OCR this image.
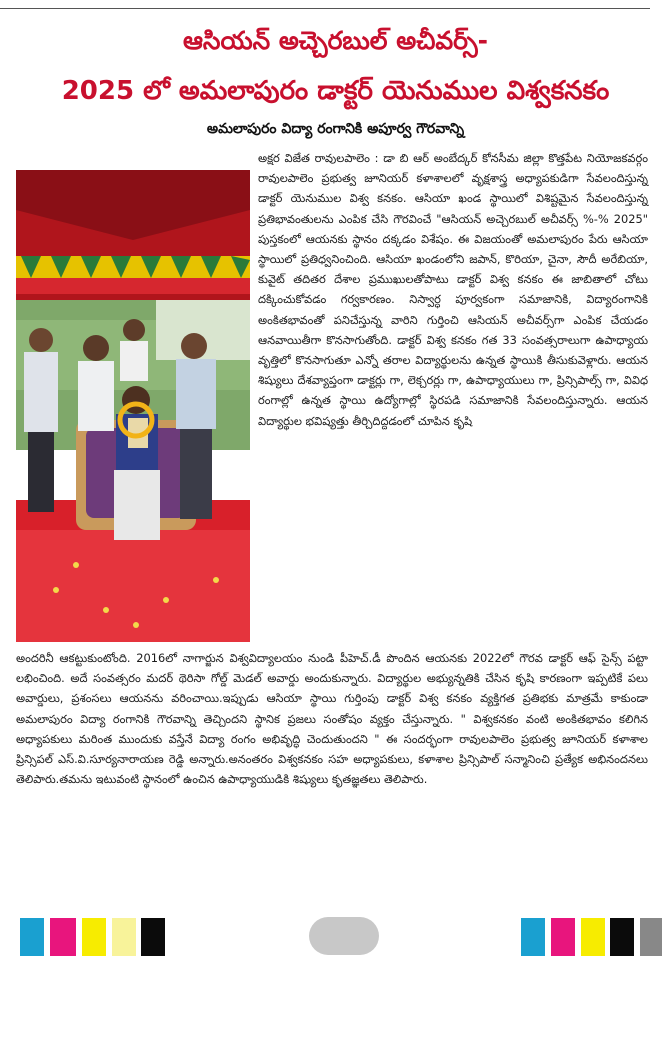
ఆసియన్ అచ్చెరబుల్ అచీవర్స్-
2025 లో అమలాపురం డాక్టర్ యెనుముల విశ్వకనకం
అమలాపురం విద్యా రంగానికి అపూర్వ గౌరవాన్ని
అక్షర విజేత రావులపాలెం : డా బి ఆర్ అంబేద్కర్ కోనసీమ జిల్లా కొత్తపేట నియోజకవర్గం రావులపాలెం ప్రభుత్వ జూనియర్ కళాశాలలో వృక్షశాస్త్ర అధ్యాపకుడిగా సేవలందిస్తున్న డాక్టర్ యెనుముల విశ్వ కనకం. ఆసియా ఖండ స్థాయిలో విశిష్టమైన సేవలందిస్తున్న ప్రతిభావంతులను ఎంపిక చేసి గౌరవించే "ఆసియన్ అచ్చెరబుల్ అచీవర్స్ %-% 2025" పుస్తకంలో ఆయనకు స్థానం దక్కడం విశేషం. ఈ విజయంతో అమలాపురం పేరు ఆసియా స్థాయిలో ప్రతిధ్వనించింది. ఆసియా ఖండంలోని జపాన్, కొరియా, చైనా, సౌదీ అరేబియా, కువైట్ తదితర దేశాల ప్రముఖులతోపాటు డాక్టర్ విశ్వ కనకం ఈ జాబితాలో చోటు దక్కించుకోవడం గర్వకారణం. నిస్వార్ధ పూర్వకంగా సమాజానికి, విద్యారంగానికి అంకితభావంతో పనిచేస్తున్న వారిని గుర్తించి ఆసియన్ అచీవర్స్‌గా ఎంపిక చేయడం ఆనవాయితీగా కొనసాగుతోంది. డాక్టర్ విశ్వ కనకం గత 33 సంవత్సరాలుగా ఉపాధ్యాయ వృత్తిలో కొనసాగుతూ ఎన్నో తరాల విద్యార్థులను ఉన్నత స్థాయికి తీసుకువెళ్లారు. ఆయన శిష్యులు దేశవ్యాప్తంగా డాక్టర్లు గా, లెక్చరర్లు గా, ఉపాధ్యాయులు గా, ప్రిన్సిపాల్స్ గా, వివిధ రంగాల్లో ఉన్నత స్థాయి ఉద్యోగాల్లో స్థిరపడి సమాజానికి సేవలందిస్తున్నారు. ఆయన విద్యార్థుల భవిష్యత్తు తీర్చిదిద్దడంలో చూపిన కృషి
అందరినీ ఆకట్టుకుంటోంది. 2016లో నాగార్జున విశ్వవిద్యాలయం నుండి పీహెచ్.డీ పొందిన ఆయనకు 2022లో గౌరవ డాక్టర్ ఆఫ్ సైన్స్ పట్టా లభించింది. అదే సంవత్సరం మదర్ థెరిసా గోల్డ్ మెడల్ అవార్డు అందుకున్నారు. విద్యార్థుల అభ్యున్నతికి చేసిన కృషి కారణంగా ఇప్పటికే పలు అవార్డులు, ప్రశంసలు ఆయనను వరించాయి.ఇప్పుడు ఆసియా స్థాయి గుర్తింపు డాక్టర్ విశ్వ కనకం వ్యక్తిగత ప్రతిభకు మాత్రమే కాకుండా అమలాపురం విద్యా రంగానికి గౌరవాన్ని తెచ్చిందని స్థానిక ప్రజలు సంతోషం వ్యక్తం చేస్తున్నారు. " విశ్వకనకం వంటి అంకితభావం కలిగిన అధ్యాపకులు మరింత ముందుకు వస్తేనే విద్యా రంగం అభివృద్ధి చెందుతుందని " ఈ సందర్భంగా రావులపాలెం ప్రభుత్వ జూనియర్ కళాశాల ప్రిన్సిపల్ ఎస్.వి.సూర్యనారాయణ రెడ్డి అన్నారు.అనంతరం విశ్వకనకం సహ అధ్యాపకులు, కళాశాల ప్రిన్సిపాల్ సన్మానించి ప్రత్యేక అభినందనలు తెలిపారు.తమను ఇటువంటి స్థానంలో ఉంచిన ఉపాధ్యాయుడికి శిష్యులు కృతజ్ఞతలు తెలిపారు.
